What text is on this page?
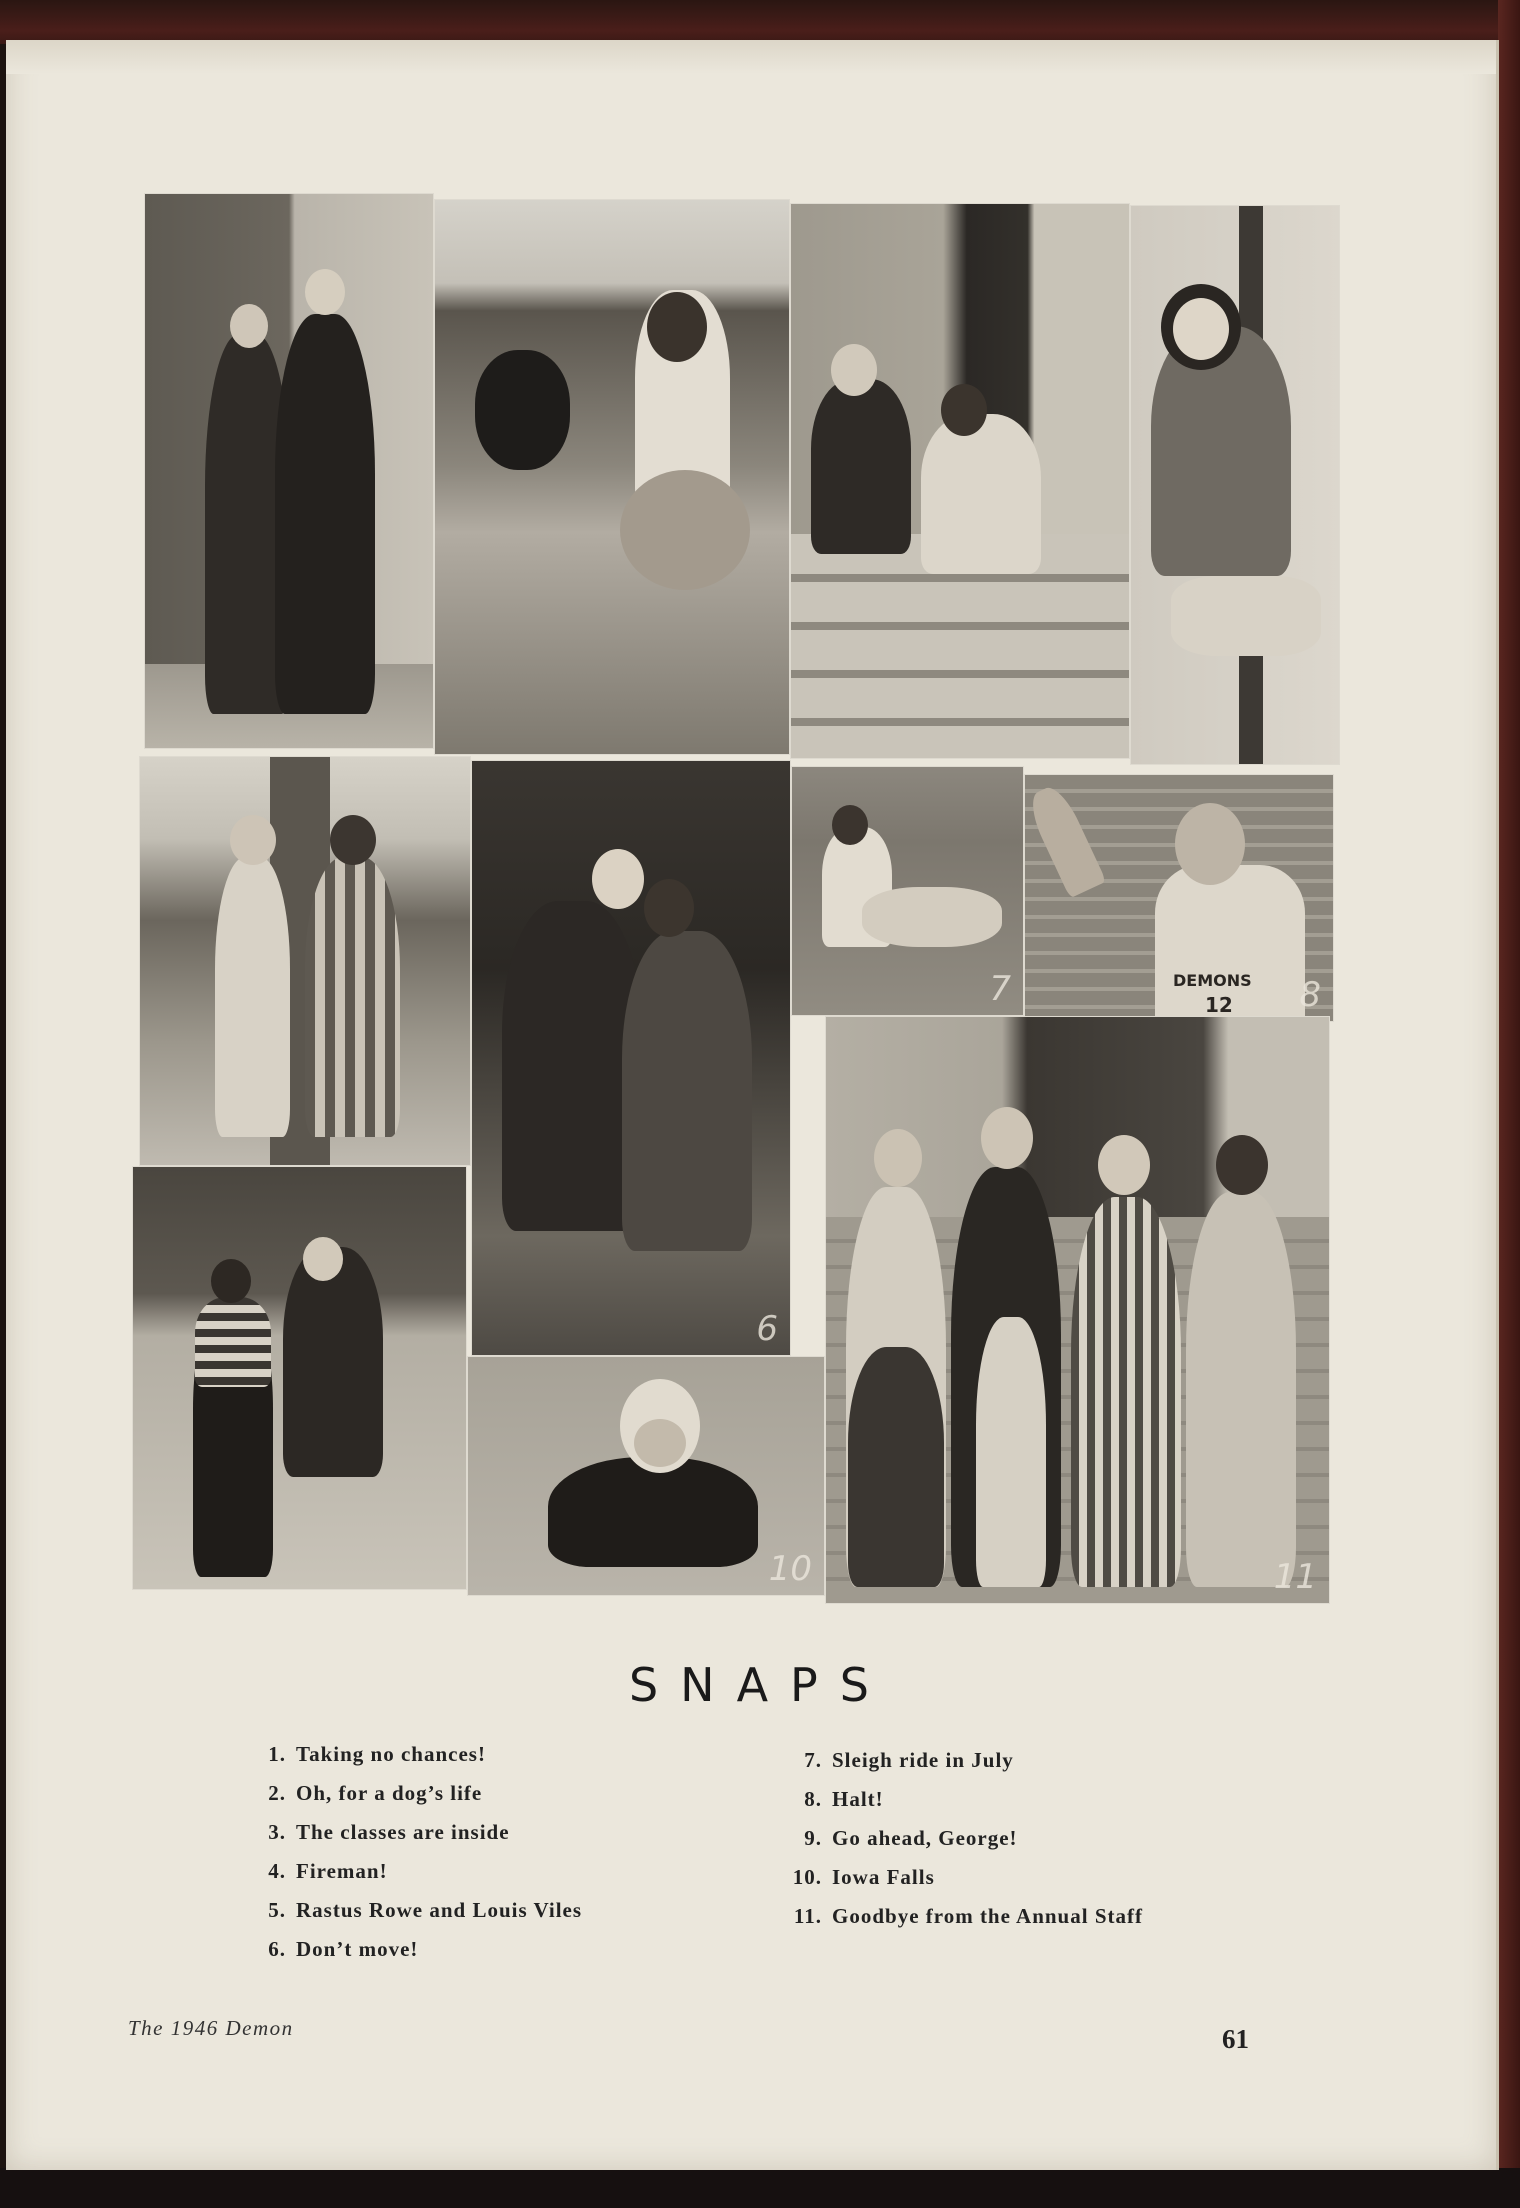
6
7	DEMONS
12 8
10	11
SNAPS
1. Taking no chances!
2. Oh, for a dog’s life
3. The classes are inside
4. Fireman!
5. Rastus Rowe and Louis Viles
6. Don’t move!
7. Sleigh ride in July
8. Halt!
9. Go ahead, George!
10. Iowa Falls
11. Goodbye from the Annual Staff
The 1946 Demon	61
